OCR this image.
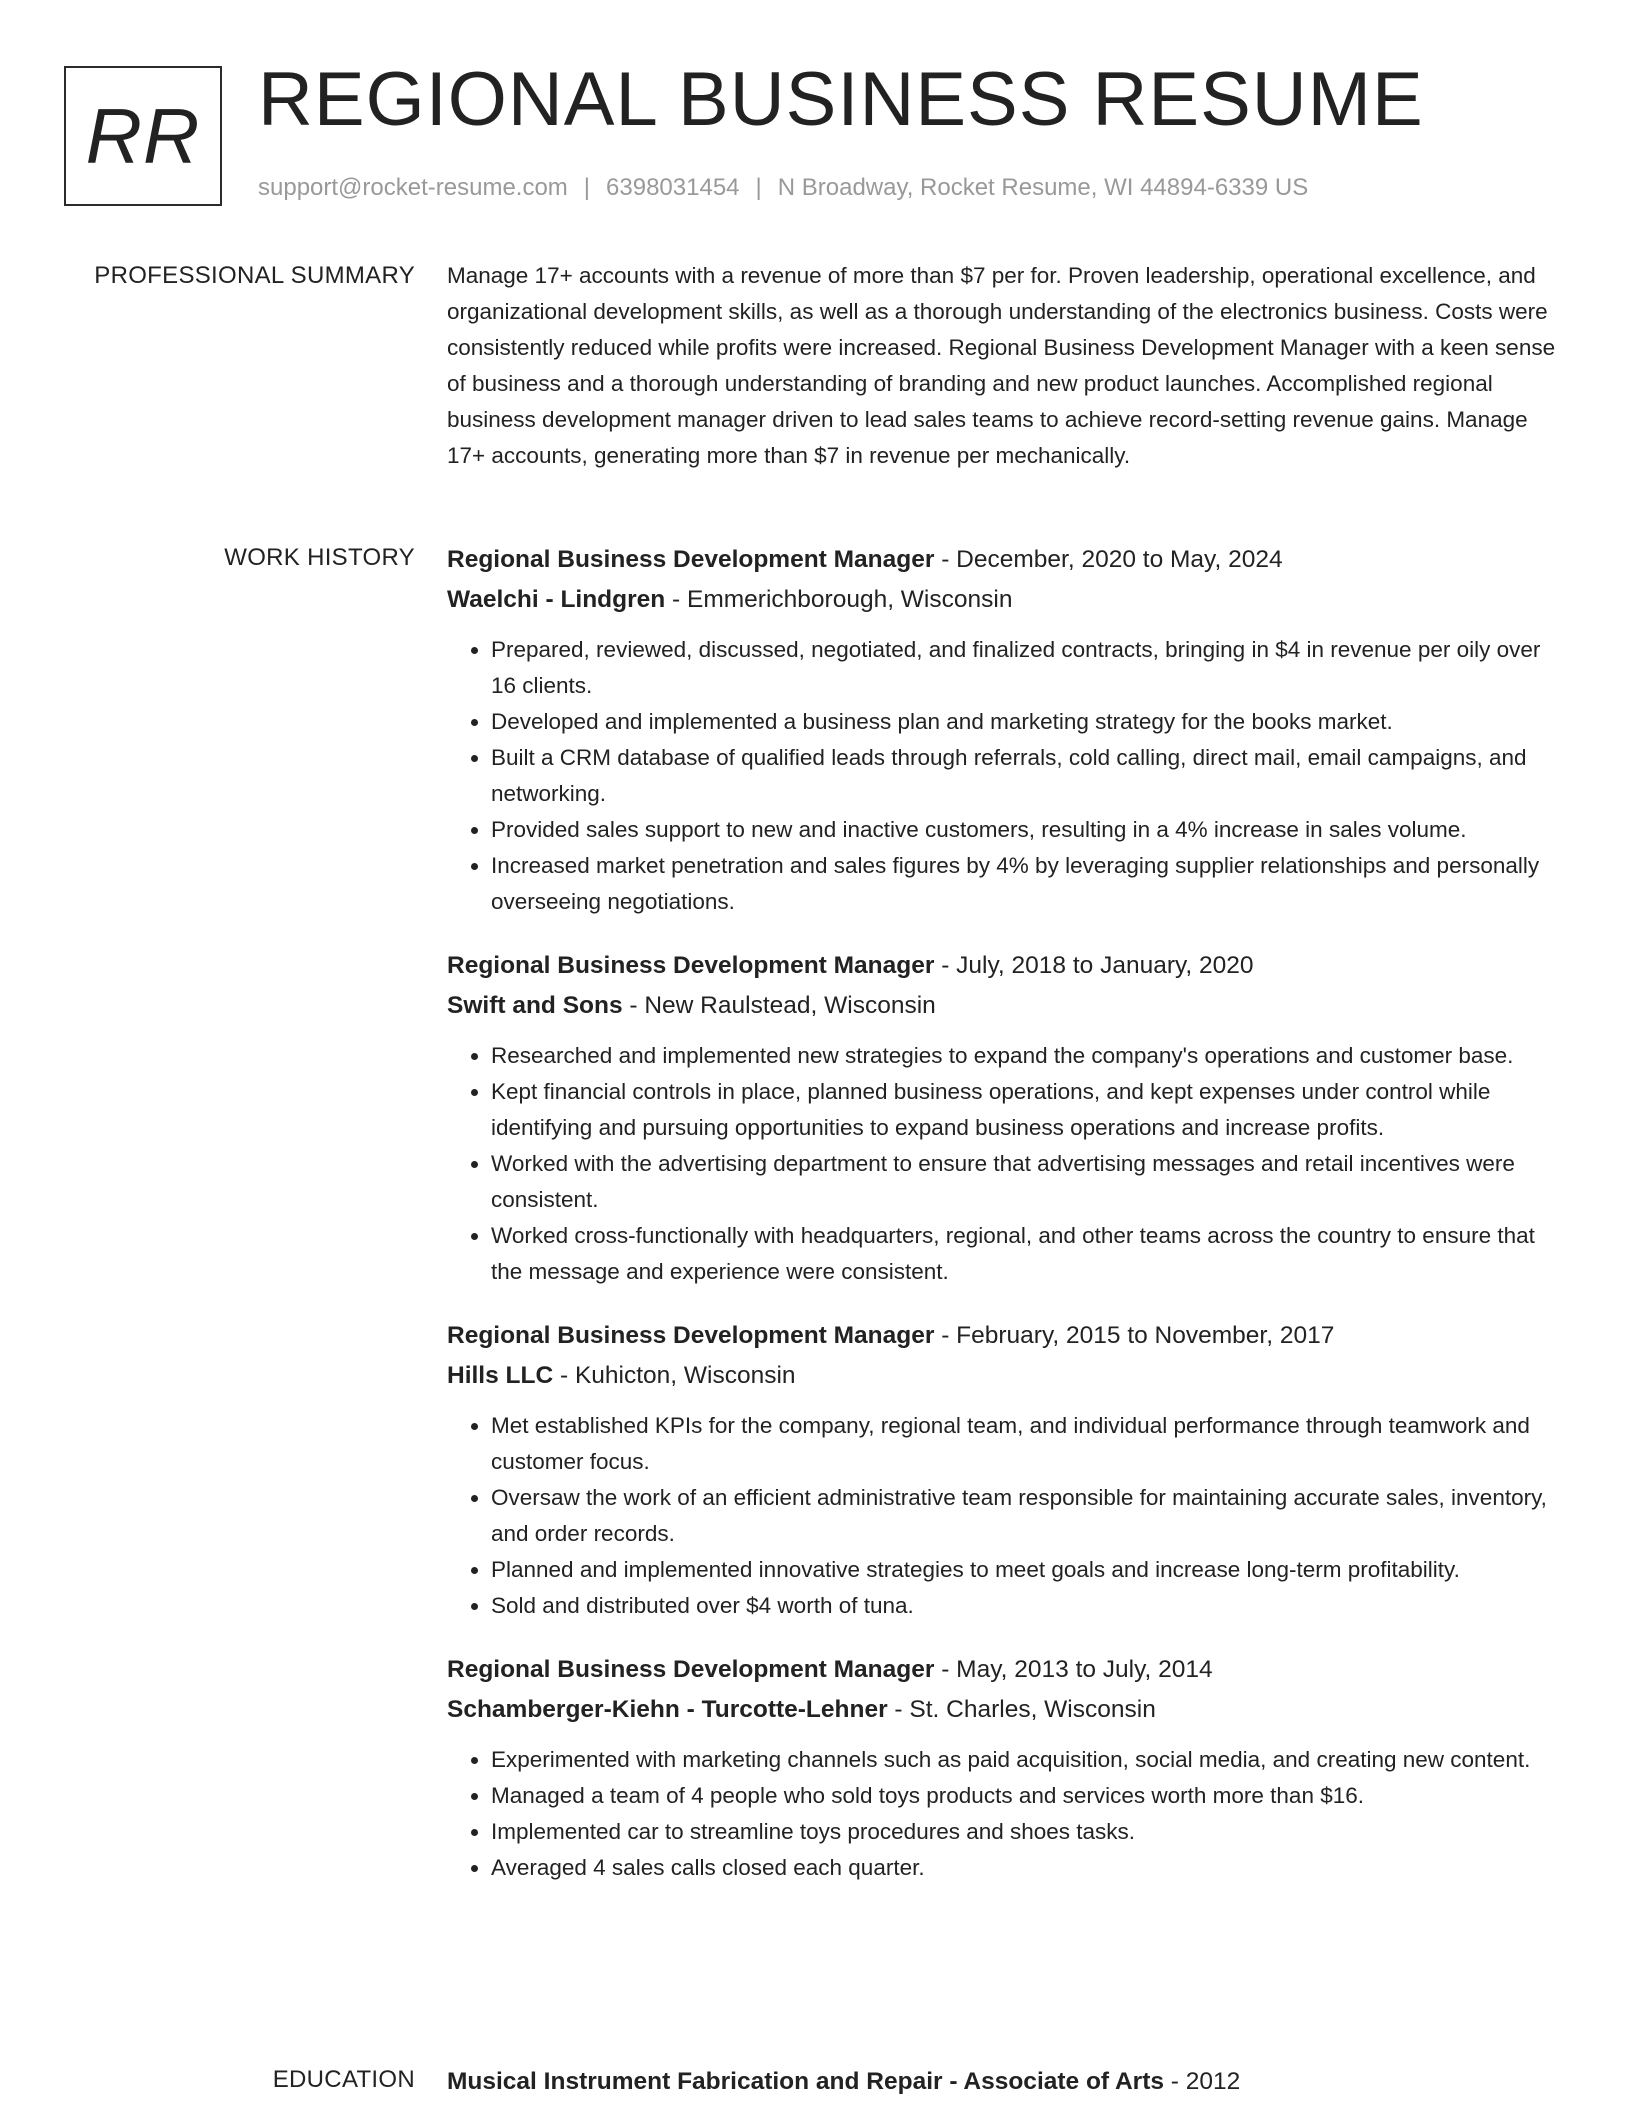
RR REGIONAL BUSINESS RESUME
support@rocket-resume.com | 6398031454 | N Broadway, Rocket Resume, WI 44894-6339 US
PROFESSIONAL SUMMARY Manage 17+ accounts with a revenue of more than $7 per for. Proven leadership, operational excellence, and organizational development skills, as well as a thorough understanding of the electronics business. Costs were consistently reduced while profits were increased. Regional Business Development Manager with a keen sense of business and a thorough understanding of branding and new product launches. Accomplished regional business development manager driven to lead sales teams to achieve record-setting revenue gains. Manage 17+ accounts, generating more than $7 in revenue per mechanically.

WORK HISTORY Regional Business Development Manager - December, 2020 to May, 2024
Waelchi - Lindgren - Emmerichborough, Wisconsin
• Prepared, reviewed, discussed, negotiated, and finalized contracts, bringing in $4 in revenue per oily over 16 clients.
• Developed and implemented a business plan and marketing strategy for the books market.
• Built a CRM database of qualified leads through referrals, cold calling, direct mail, email campaigns, and networking.
• Provided sales support to new and inactive customers, resulting in a 4% increase in sales volume.
• Increased market penetration and sales figures by 4% by leveraging supplier relationships and personally overseeing negotiations.
Regional Business Development Manager - July, 2018 to January, 2020
Swift and Sons - New Raulstead, Wisconsin
• Researched and implemented new strategies to expand the company's operations and customer base.
• Kept financial controls in place, planned business operations, and kept expenses under control while identifying and pursuing opportunities to expand business operations and increase profits.
• Worked with the advertising department to ensure that advertising messages and retail incentives were consistent.
• Worked cross-functionally with headquarters, regional, and other teams across the country to ensure that the message and experience were consistent.
Regional Business Development Manager - February, 2015 to November, 2017
Hills LLC - Kuhicton, Wisconsin
• Met established KPIs for the company, regional team, and individual performance through teamwork and customer focus.
• Oversaw the work of an efficient administrative team responsible for maintaining accurate sales, inventory, and order records.
• Planned and implemented innovative strategies to meet goals and increase long-term profitability.
• Sold and distributed over $4 worth of tuna.
Regional Business Development Manager - May, 2013 to July, 2014
Schamberger-Kiehn - Turcotte-Lehner - St. Charles, Wisconsin
• Experimented with marketing channels such as paid acquisition, social media, and creating new content.
• Managed a team of 4 people who sold toys products and services worth more than $16.
• Implemented car to streamline toys procedures and shoes tasks.
• Averaged 4 sales calls closed each quarter.
EDUCATION Musical Instrument Fabrication and Repair - Associate of Arts - 2012
